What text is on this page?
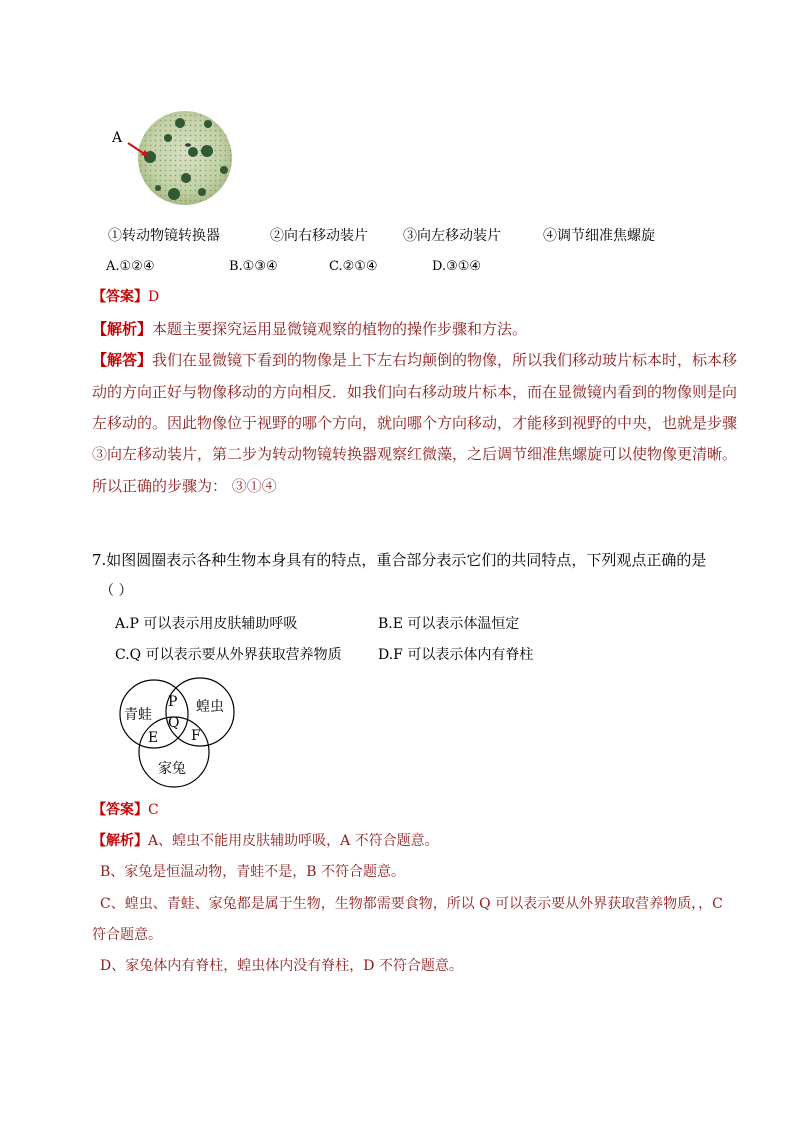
A
①转动物镜转换器	②向右移动装片	③向左移动装片	④调节细准焦螺旋
A.①②④	B.①③④	C.②①④	D.③①④
【答案】D
【解析】本题主要探究运用显微镜观察的植物的操作步骤和方法。
【解答】我们在显微镜下看到的物像是上下左右均颠倒的物像，所以我们移动玻片标本时，标本移
动的方向正好与物像移动的方向相反．如我们向右移动玻片标本，而在显微镜内看到的物像则是向
左移动的。因此物像位于视野的哪个方向，就向哪个方向移动，才能移到视野的中央，也就是步骤
③向左移动装片，第二步为转动物镜转换器观察红微藻，之后调节细准焦螺旋可以使物像更清晰。
所以正确的步骤为： ③①④
7.如图圆圈表示各种生物本身具有的特点，重合部分表示它们的共同特点，下列观点正确的是
（ ）
A.P 可以表示用皮肤辅助呼吸	B.E 可以表示体温恒定
C.Q 可以表示要从外界获取营养物质	D.F 可以表示体内有脊柱
青蛙	蝗虫
家兔
P
Q
E F
【答案】C
【解析】A、蝗虫不能用皮肤辅助呼吸，A 不符合题意。
B、家兔是恒温动物，青蛙不是，B 不符合题意。
C、蝗虫、青蛙、家兔都是属于生物，生物都需要食物，所以 Q 可以表示要从外界获取营养物质，，C
符合题意。
D、家兔体内有脊柱，蝗虫体内没有脊柱，D 不符合题意。
